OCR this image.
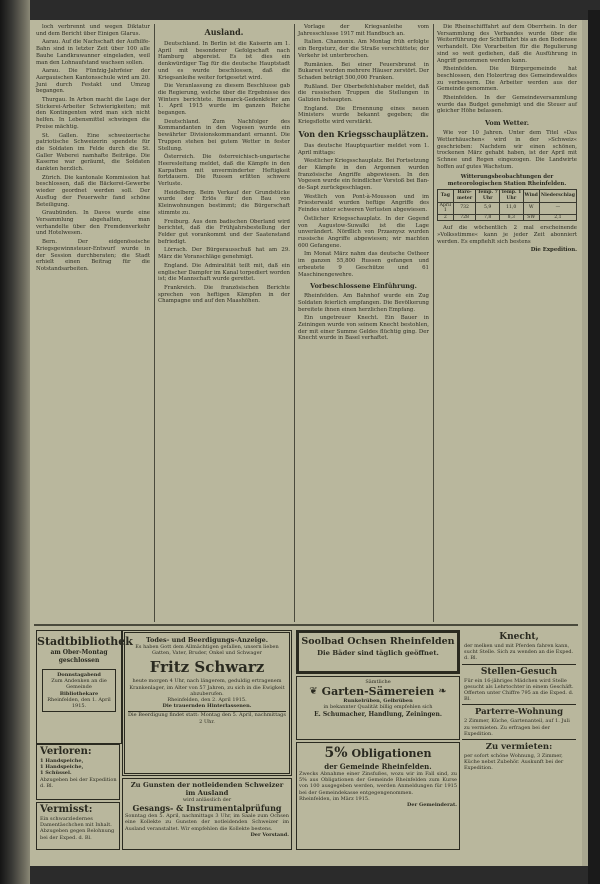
loch verbrennt und wegen Diktatur und dem Bericht über Einigen Glarus.

Aarau. Auf die Nachschaft der Aufhilfe-Bahn sind in letzter Zeit über 100 alle Bauhe Landkrawanner eingeladen, weil man den Lohnaufstand wachsen sollen.

Aarau. Die Fünfzig-Jahrfeier der Aargauischen Kantonsschule wird am 20. Juni durch Festakt und Umzug begangen.

Thurgau. In Arbon macht die Lage der Stickerei-Arbeiter Schwierigkeiten; mit den Kontingenten wird man sich nicht helfen. In Lebensmittel schwingen die Preise mächtig.

St. Gallen. Eine schweizerische patriotische Schweizerin spendete für die Soldaten im Felde durch die St. Galler Weberei namhafte Beiträge. Die Kaserne war geräumt, die Soldaten dankten herzlich.

Zürich. Die kantonale Kommission hat beschlossen, daß die Bäckerei-Gewerbe wieder geordnet werden soll. Der Ausflug der Feuerwehr fand schöne Beteiligung.

Graubünden. In Davos wurde eine Versammlung abgehalten, man verhandelte über den Fremdenverkehr und Hotelwesen.

Bern. Der eidgenössische Kriegsgewinnsteuer-Entwurf wurde in der Session durchberaten; die Stadt erhielt einen Beitrag für die Notstandsarbeiten.

Ausland.

Deutschland. In Berlin ist die Kaiserin am 1. April mit besonderer Gefolgschaft nach Hamburg abgereist. Es ist dies ein denkwürdiger Tag für die deutsche Hauptstadt und es wurde beschlossen, daß die Kriegsanleihe weiter fortgesetzt wird.

Die Veranlassung zu diesem Beschlusse gab die Regierung, welche über die Ergebnisse des Winters berichtete. Bismarck-Gedenkfeier am 1. April 1915 wurde im ganzen Reiche begangen.

Deutschland. Zum Nachfolger des Kommandanten in den Vogesen wurde ein bewährter Divisionskommandant ernannt. Die Truppen stehen bei gutem Wetter in fester Stellung.

Österreich. Die österreichisch-ungarische Heeresleitung meldet, daß die Kämpfe in den Karpathen mit unverminderter Heftigkeit fortdauern. Die Russen erlitten schwere Verluste.

Heidelberg. Beim Verkauf der Grundstücke wurde der Erlös für den Bau von Kleinwohnungen bestimmt; die Bürgerschaft stimmte zu.

Freiburg. Aus dem badischen Oberland wird berichtet, daß die Frühjahrsbestellung der Felder gut vorankommt und der Saatenstand befriedigt.

Lörrach. Der Bürgerausschuß hat am 29. März die Voranschläge genehmigt.

England. Die Admiralität teilt mit, daß ein englischer Dampfer im Kanal torpediert worden ist; die Mannschaft wurde gerettet.

Frankreich. Die französischen Berichte sprechen von heftigen Kämpfen in der Champagne und auf den Maashöhen.

Vorlage der Kriegsanleihe vom Jahresschlusse 1917 mit Handbuch an.

Italien. Chamonix. Am Montag früh erfolgte ein Bergsturz, der die Straße verschüttete; der Verkehr ist unterbrochen.

Rumänien. Bei einer Feuersbrunst in Bukarest wurden mehrere Häuser zerstört. Der Schaden beträgt 500,000 Franken.

Rußland. Der Oberbefehlshaber meldet, daß die russischen Truppen die Stellungen in Galizien behaupten.

England. Die Ernennung eines neuen Ministers wurde bekannt gegeben; die Kriegsflotte wird verstärkt.

Von den Kriegsschauplätzen.

Das deutsche Hauptquartier meldet vom 1. April mittags:

Westlicher Kriegsschauplatz. Bei Fortsetzung der Kämpfe in den Argonnen wurden französische Angriffe abgewiesen. In den Vogesen wurde ein feindlicher Vorstoß bei Ban-de-Sapt zurückgeschlagen.

Westlich von Pont-à-Mousson und im Priesterwald wurden heftige Angriffe des Feindes unter schweren Verlusten abgewiesen.

Östlicher Kriegsschauplatz. In der Gegend von Augustow-Suwalki ist die Lage unverändert. Nördlich von Przasnysz wurden russische Angriffe abgewiesen; wir machten 600 Gefangene.

Im Monat März nahm das deutsche Ostheer im ganzen 55,800 Russen gefangen und erbeutete 9 Geschütze und 61 Maschinengewehre.

Vorbeschlossene Einführung.

Rheinfelden. Am Bahnhof wurde ein Zug Soldaten feierlich empfangen. Die Bevölkerung bereitete ihnen einen herzlichen Empfang.

Ein ungetreuer Knecht. Ein Bauer in Zeiningen wurde von seinem Knecht bestohlen, der mit einer Summe Geldes flüchtig ging. Der Knecht wurde in Basel verhaftet.

Die Rheinschifffahrt auf dem Oberrhein. In der Versammlung des Verbandes wurde über die Weiterführung der Schifffahrt bis an den Bodensee verhandelt. Die Vorarbeiten für die Regulierung sind so weit gediehen, daß die Ausführung in Angriff genommen werden kann.

Rheinfelden. Die Bürgergemeinde hat beschlossen, den Holzertrag des Gemeindewaldes zu verbessern. Die Arbeiter werden aus der Gemeinde genommen.

Rheinfelden. In der Gemeindeversammlung wurde das Budget genehmigt und die Steuer auf gleicher Höhe belassen.

Vom Wetter.

Wie vor 10 Jahren. Unter dem Titel »Das Wetterhäuschen« wird in der »Schweiz« geschrieben: Nachdem wir einen schönen, trockenen März gehabt haben, ist der April mit Schnee und Regen eingezogen. Die Landwirte hoffen auf gutes Wachstum.

Witterungsbeobachtungen der meteorologischen Station Rheinfelden.
Tag	Baro-meter	Temp. 7 Uhr	Temp. 1 Uhr	Wind	Niederschlag
April 1	732	5,9	11,0	W	—
2	728	7,8	8,3	SW	2,1

Auf die wöchentlich 2 mal erscheinende »Volksstimme« kann je jeder Zeit abonniert werden. Es empfiehlt sich bestens

Die Expedition.

Stadtbibliothek
am Ober-Montag geschlossen
Donnstagabend
Zum Andenken an die Gemeinde
Bibliothekare
Rheinfelden, den 1. April 1915.
Verloren:
1 Handspeiche,
1 Handspeiche,
1 Schüssel.
Abzugeben bei der Expedition d. Bl.
Vermisst:
Ein schwarzledernes Damentäschchen mit Inhalt. Abzugeben gegen Belohnung bei der Exped. d. Bl.
Todes- und Beerdigungs-Anzeige.
Es haben Gott dem Allmächtigen gefallen, unsern lieben Gatten, Vater, Bruder, Onkel und Schwager
Fritz Schwarz
heute morgen 4 Uhr, nach längerem, geduldig ertragenem Krankenlager, im Alter von 57 Jahren, zu sich in die Ewigkeit abzuberufen.
Rheinfelden, den 2. April 1915.
Die trauernden Hinterlassenen.
Die Beerdigung findet statt: Montag den 5. April, nachmittags 2 Uhr.
Zu Gunsten der notleidenden Schweizer im Ausland
wird anlässlich der
Gesangs- & Instrumentalprüfung
Sonntag den 5. April, nachmittags 3 Uhr, im Saale zum Ochsen eine Kollekte zu Gunsten der notleidenden Schweizer im Ausland veranstaltet. Wir empfehlen die Kollekte bestens.
Der Vorstand.
Soolbad Ochsen Rheinfelden
Die Bäder sind täglich geöffnet.
Sämtliche
❦ Garten-Sämereien ❧
Runkelrüben, Gelbrüben
in bekannter Qualität billig empfehlen sich
E. Schumacher, Handlung, Zeiningen.
5% Obligationen
der Gemeinde Rheinfelden.
Zwecks Abnahme einer Zinsfußes, wozu wir im Fall sind, zu 5% aus Obligationen der Gemeinde Rheinfelden zum Kurse von 100 ausgegeben werden, werden Anmeldungen für 1915 bei der Gemeindekasse entgegengenommen.
Rheinfelden, im März 1915.
Der Gemeinderat.
Knecht,
der melken und mit Pferden fahren kann, sucht Stelle. Sich zu wenden an die Exped. d. Bl.
Stellen-Gesuch
Für ein 16-jähriges Mädchen wird Stelle gesucht als Lehrtochter in einem Geschäft. Offerten unter Chiffre 795 an die Exped. d. Bl.
Parterre-Wohnung
2 Zimmer, Küche, Gartenanteil, auf 1. Juli zu vermieten. Zu erfragen bei der Expedition.
Zu vermieten:
per sofort schöne Wohnung, 3 Zimmer, Küche nebst Zubehör. Auskunft bei der Expedition.
